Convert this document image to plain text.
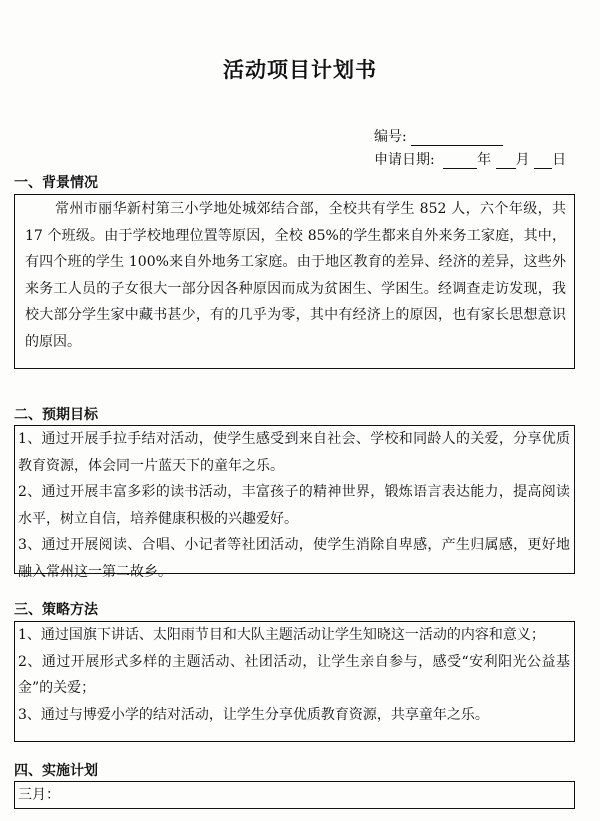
活动项目计划书
编号:
申请日期:	年 月 日
一、背景情况

常州市丽华新村第三小学地处城郊结合部，全校共有学生 852 人，六个年级，共 17 个班级。由于学校地理位置等原因，全校 85%的学生都来自外来务工家庭，其中，有四个班的学生 100%来自外地务工家庭。由于地区教育的差异、经济的差异，这些外来务工人员的子女很大一部分因各种原因而成为贫困生、学困生。经调查走访发现，我校大部分学生家中藏书甚少，有的几乎为零，其中有经济上的原因，也有家长思想意识的原因。

二、预期目标

1、通过开展手拉手结对活动，使学生感受到来自社会、学校和同龄人的关爱，分享优质教育资源，体会同一片蓝天下的童年之乐。

2、通过开展丰富多彩的读书活动，丰富孩子的精神世界，锻炼语言表达能力，提高阅读水平，树立自信，培养健康积极的兴趣爱好。

3、通过开展阅读、合唱、小记者等社团活动，使学生消除自卑感，产生归属感，更好地融入常州这一第二故乡。

三、策略方法

1、通过国旗下讲话、太阳雨节目和大队主题活动让学生知晓这一活动的内容和意义；

2、通过开展形式多样的主题活动、社团活动，让学生亲自参与，感受“安利阳光公益基金”的关爱；

3、通过与博爱小学的结对活动，让学生分享优质教育资源，共享童年之乐。

四、实施计划

三月：
